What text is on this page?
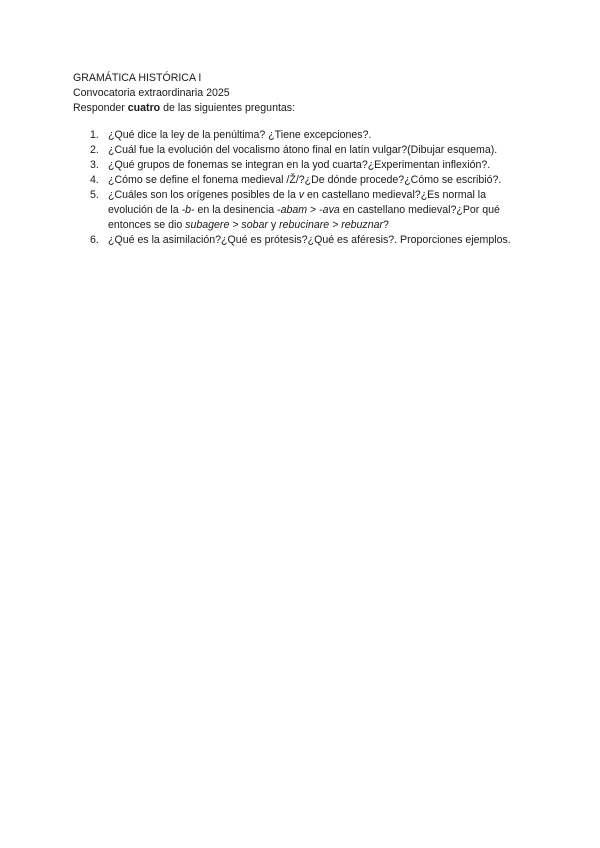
GRAMÁTICA HISTÓRICA I
Convocatoria extraordinaria 2025
Responder cuatro de las siguientes preguntas:
1. ¿Qué dice la ley de la penúltima? ¿Tiene excepciones?.
2. ¿Cuál fue la evolución del vocalismo átono final en latín vulgar?(Dibujar esquema).
3. ¿Qué grupos de fonemas se integran en la yod cuarta?¿Experimentan inflexión?.
4. ¿Cómo se define el fonema medieval /Ž/?¿De dónde procede?¿Cómo se escribió?.
5. ¿Cuáles son los orígenes posibles de la v en castellano medieval?¿Es normal la evolución de la -b- en la desinencia -abam > -ava en castellano medieval?¿Por qué entonces se dio subagere > sobar y rebucinare > rebuznar?
6. ¿Qué es la asimilación?¿Qué es prótesis?¿Qué es aféresis?. Proporciones ejemplos.
